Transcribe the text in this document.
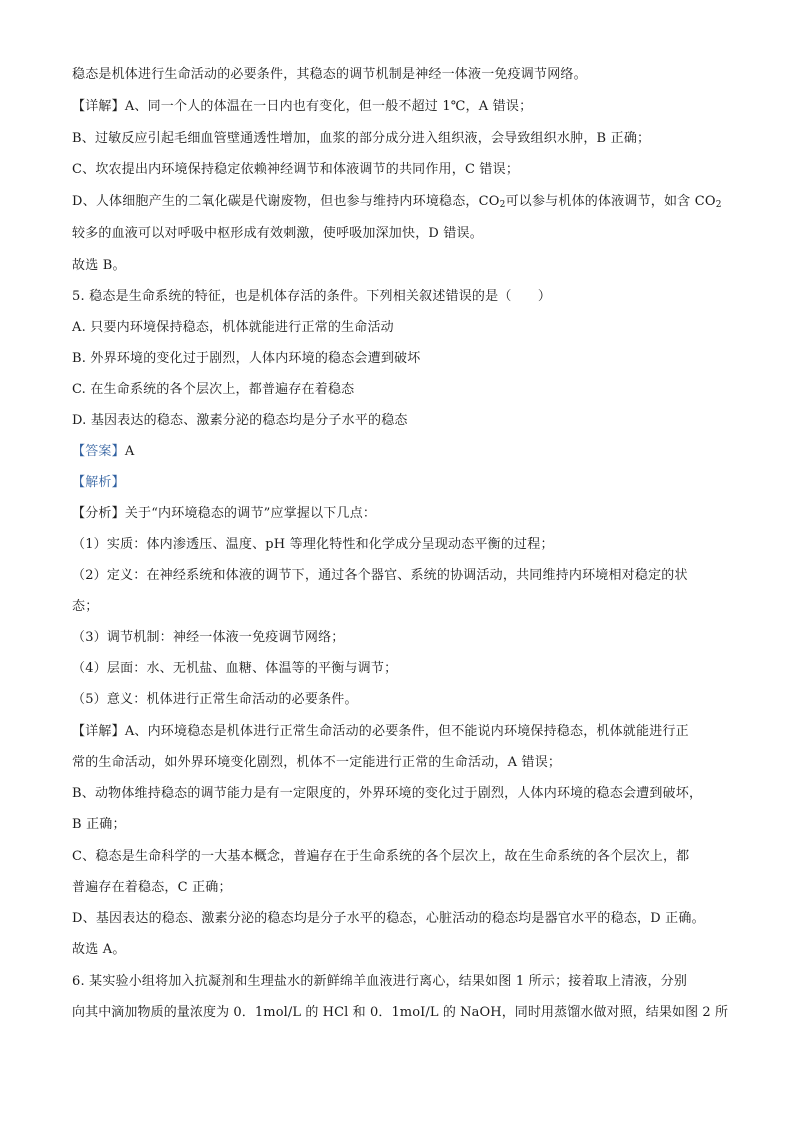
稳态是机体进行生命活动的必要条件，其稳态的调节机制是神经一体液一免疫调节网络。
【详解】A、同一个人的体温在一日内也有变化，但一般不超过 1℃，A 错误；
B、过敏反应引起毛细血管壁通透性增加，血浆的部分成分进入组织液，会导致组织水肿，B 正确；
C、坎农提出内环境保持稳定依赖神经调节和体液调节的共同作用，C 错误；
D、人体细胞产生的二氧化碳是代谢废物，但也参与维持内环境稳态，$CO_2$可以参与机体的体液调节，如含 $CO_2$
较多的血液可以对呼吸中枢形成有效刺激，使呼吸加深加快，D 错误。
故选 B。
5. 稳态是生命系统的特征，也是机体存活的条件。下列相关叙述错误的是（　　）
A. 只要内环境保持稳态，机体就能进行正常的生命活动
B. 外界环境的变化过于剧烈，人体内环境的稳态会遭到破坏
C. 在生命系统的各个层次上，都普遍存在着稳态
D. 基因表达的稳态、激素分泌的稳态均是分子水平的稳态
【答案】A
【解析】
【分析】关于“内环境稳态的调节”应掌握以下几点：
（1）实质：体内渗透压、温度、pH 等理化特性和化学成分呈现动态平衡的过程；
（2）定义：在神经系统和体液的调节下，通过各个器官、系统的协调活动，共同维持内环境相对稳定的状
态；
（3）调节机制：神经一体液一免疫调节网络；
（4）层面：水、无机盐、血糖、体温等的平衡与调节；
（5）意义：机体进行正常生命活动的必要条件。
【详解】A、内环境稳态是机体进行正常生命活动的必要条件，但不能说内环境保持稳态，机体就能进行正
常的生命活动，如外界环境变化剧烈，机体不一定能进行正常的生命活动，A 错误；
B、动物体维持稳态的调节能力是有一定限度的，外界环境的变化过于剧烈，人体内环境的稳态会遭到破坏，
B 正确；
C、稳态是生命科学的一大基本概念，普遍存在于生命系统的各个层次上，故在生命系统的各个层次上，都
普遍存在着稳态，C 正确；
D、基因表达的稳态、激素分泌的稳态均是分子水平的稳态，心脏活动的稳态均是器官水平的稳态，D 正确。
故选 A。
6. 某实验小组将加入抗凝剂和生理盐水的新鲜绵羊血液进行离心，结果如图 1 所示；接着取上清液，分别
向其中滴加物质的量浓度为 0．1mol/L 的 HCl 和 0．1moI/L 的 NaOH，同时用蒸馏水做对照，结果如图 2 所
